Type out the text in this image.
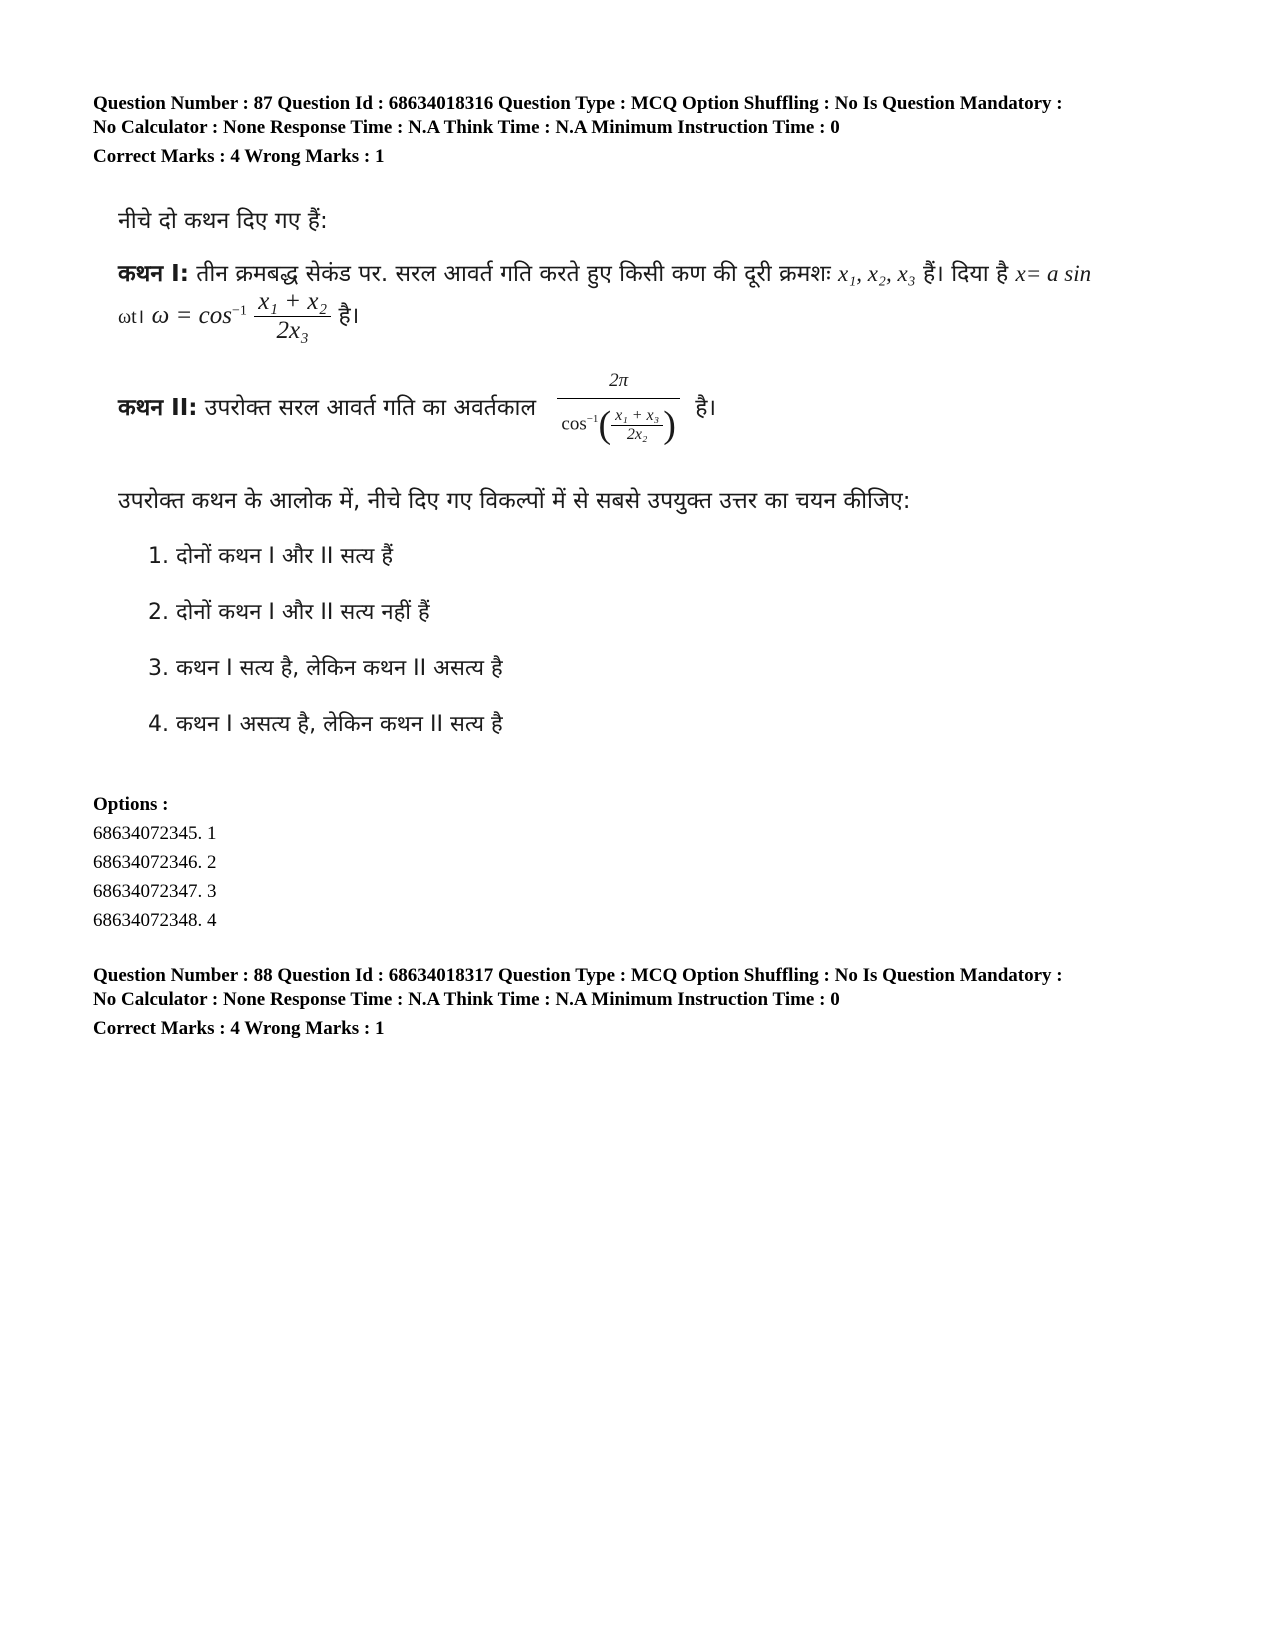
Question Number : 87 Question Id : 68634018316 Question Type : MCQ Option Shuffling : No Is Question Mandatory :
No Calculator : None Response Time : N.A Think Time : N.A Minimum Instruction Time : 0
Correct Marks : 4 Wrong Marks : 1
नीचे दो कथन दिए गए हैं:
कथन I: तीन क्रमबद्ध सेकंड पर. सरल आवर्त गति करते हुए किसी कण की दूरी क्रमशः x₁, x₂, x₃ हैं। दिया है x= a sin
ωt। $\omega = \cos^{-1} \frac{\text{x₁ + x₂}}{\text{2x₃}}$ है।
कथन II: उपरोक्त सरल आवर्त गति का अवर्तकाल $\frac{2\pi}{\cos^{-1}( \frac{\text{x₁ + x₃}}{\text{2x₂}} )}$ है।
उपरोक्त कथन के आलोक में, नीचे दिए गए विकल्पों में से सबसे उपयुक्त उत्तर का चयन कीजिए:
1. दोनों कथन I और II सत्य हैं
2. दोनों कथन I और II सत्य नहीं हैं
3. कथन I सत्य है, लेकिन कथन II असत्य है
4. कथन I असत्य है, लेकिन कथन II सत्य है
Options :
68634072345. 1
68634072346. 2
68634072347. 3
68634072348. 4
Question Number : 88 Question Id : 68634018317 Question Type : MCQ Option Shuffling : No Is Question Mandatory :
No Calculator : None Response Time : N.A Think Time : N.A Minimum Instruction Time : 0
Correct Marks : 4 Wrong Marks : 1
